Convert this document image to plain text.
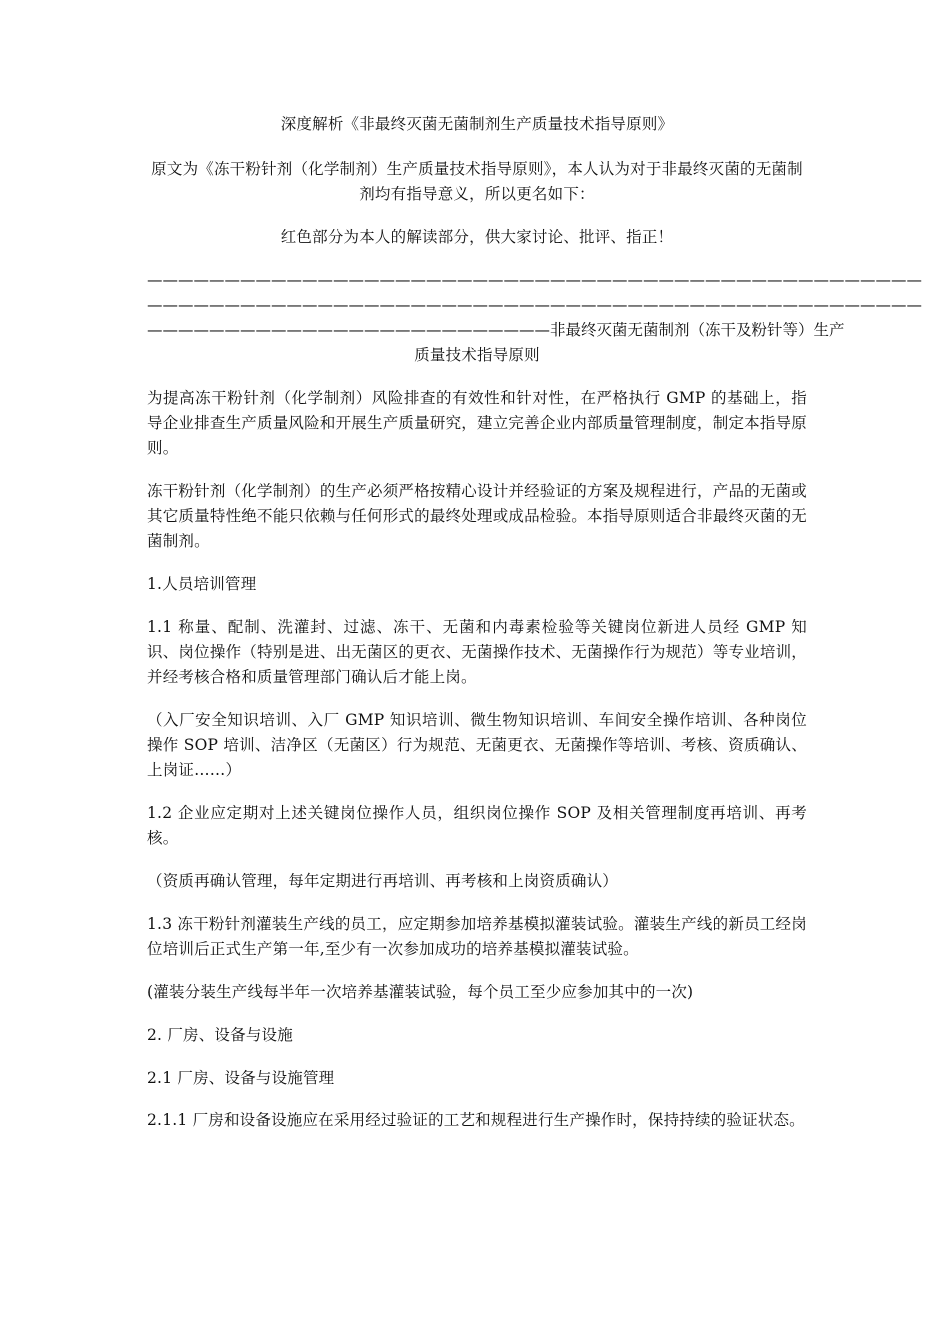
深度解析《非最终灭菌无菌制剂生产质量技术指导原则》

原文为《冻干粉针剂（化学制剂）生产质量技术指导原则》，本人认为对于非最终灭菌的无菌制剂均有指导意义，所以更名如下：

红色部分为本人的解读部分，供大家讨论、批评、指正！

——————————————————————————————————————————————————
——————————————————————————————————————————————————
——————————————————————————非最终灭菌无菌制剂（冻干及粉针等）生产
质量技术指导原则

为提高冻干粉针剂（化学制剂）风险排查的有效性和针对性，在严格执行 GMP 的基础上，指导企业排查生产质量风险和开展生产质量研究，建立完善企业内部质量管理制度，制定本指导原则。

冻干粉针剂（化学制剂）的生产必须严格按精心设计并经验证的方案及规程进行，产品的无菌或其它质量特性绝不能只依赖与任何形式的最终处理或成品检验。本指导原则适合非最终灭菌的无菌制剂。

1.人员培训管理

1.1 称量、配制、洗灌封、过滤、冻干、无菌和内毒素检验等关键岗位新进人员经 GMP 知识、岗位操作（特别是进、出无菌区的更衣、无菌操作技术、无菌操作行为规范）等专业培训，并经考核合格和质量管理部门确认后才能上岗。

（入厂安全知识培训、入厂 GMP 知识培训、微生物知识培训、车间安全操作培训、各种岗位操作 SOP 培训、洁净区（无菌区）行为规范、无菌更衣、无菌操作等培训、考核、资质确认、上岗证……）

1.2 企业应定期对上述关键岗位操作人员，组织岗位操作 SOP 及相关管理制度再培训、再考核。

（资质再确认管理，每年定期进行再培训、再考核和上岗资质确认）

1.3 冻干粉针剂灌装生产线的员工，应定期参加培养基模拟灌装试验。灌装生产线的新员工经岗位培训后正式生产第一年,至少有一次参加成功的培养基模拟灌装试验。

(灌装分装生产线每半年一次培养基灌装试验，每个员工至少应参加其中的一次)

2. 厂房、设备与设施

2.1 厂房、设备与设施管理

2.1.1 厂房和设备设施应在采用经过验证的工艺和规程进行生产操作时，保持持续的验证状态。
